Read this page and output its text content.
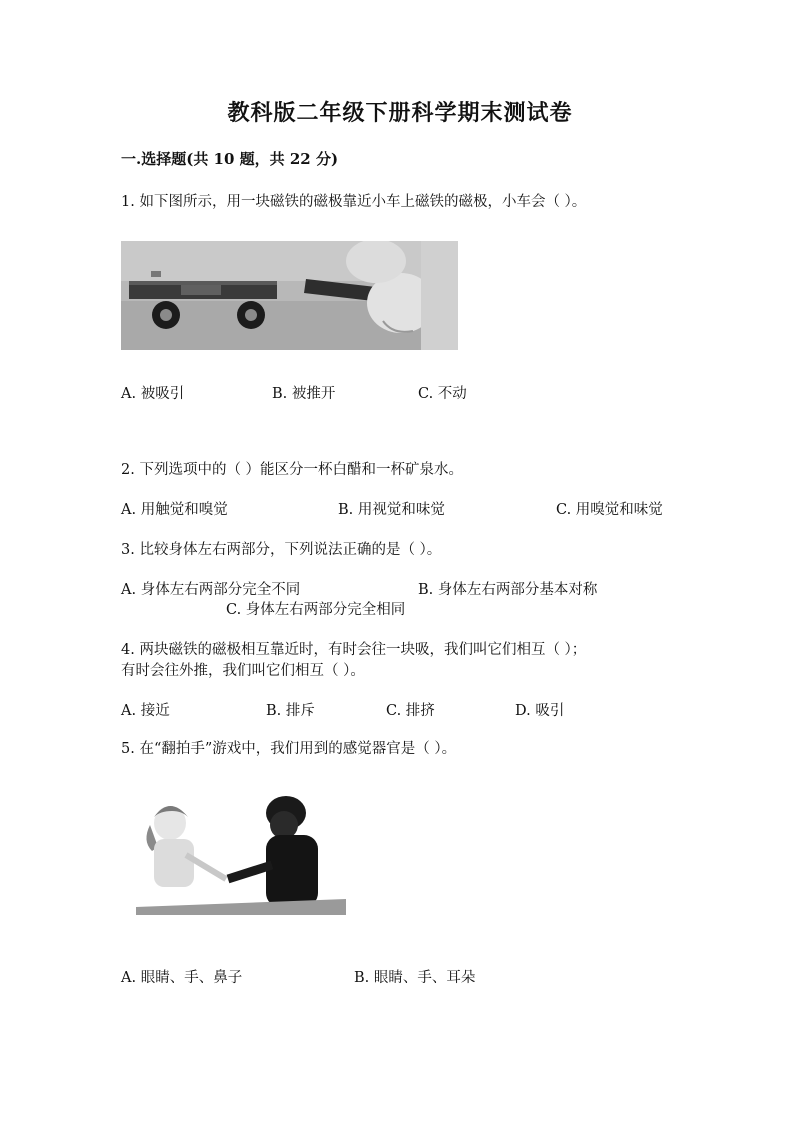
教科版二年级下册科学期末测试卷
一.选择题(共 10 题，共 22 分)
1. 如下图所示，用一块磁铁的磁极靠近小车上磁铁的磁极，小车会（ ）。
A. 被吸引	B. 被推开	C. 不动
2. 下列选项中的（ ）能区分一杯白醋和一杯矿泉水。
A. 用触觉和嗅觉	B. 用视觉和味觉	C. 用嗅觉和味觉
3. 比较身体左右两部分，下列说法正确的是（ ）。
A. 身体左右两部分完全不同	B. 身体左右两部分基本对称
C. 身体左右两部分完全相同
4. 两块磁铁的磁极相互靠近时，有时会往一块吸，我们叫它们相互（ ）；
有时会往外推，我们叫它们相互（ ）。
A. 接近	B. 排斥	C. 排挤	D. 吸引
5. 在“翻拍手”游戏中，我们用到的感觉器官是（ ）。
A. 眼睛、手、鼻子	B. 眼睛、手、耳朵
